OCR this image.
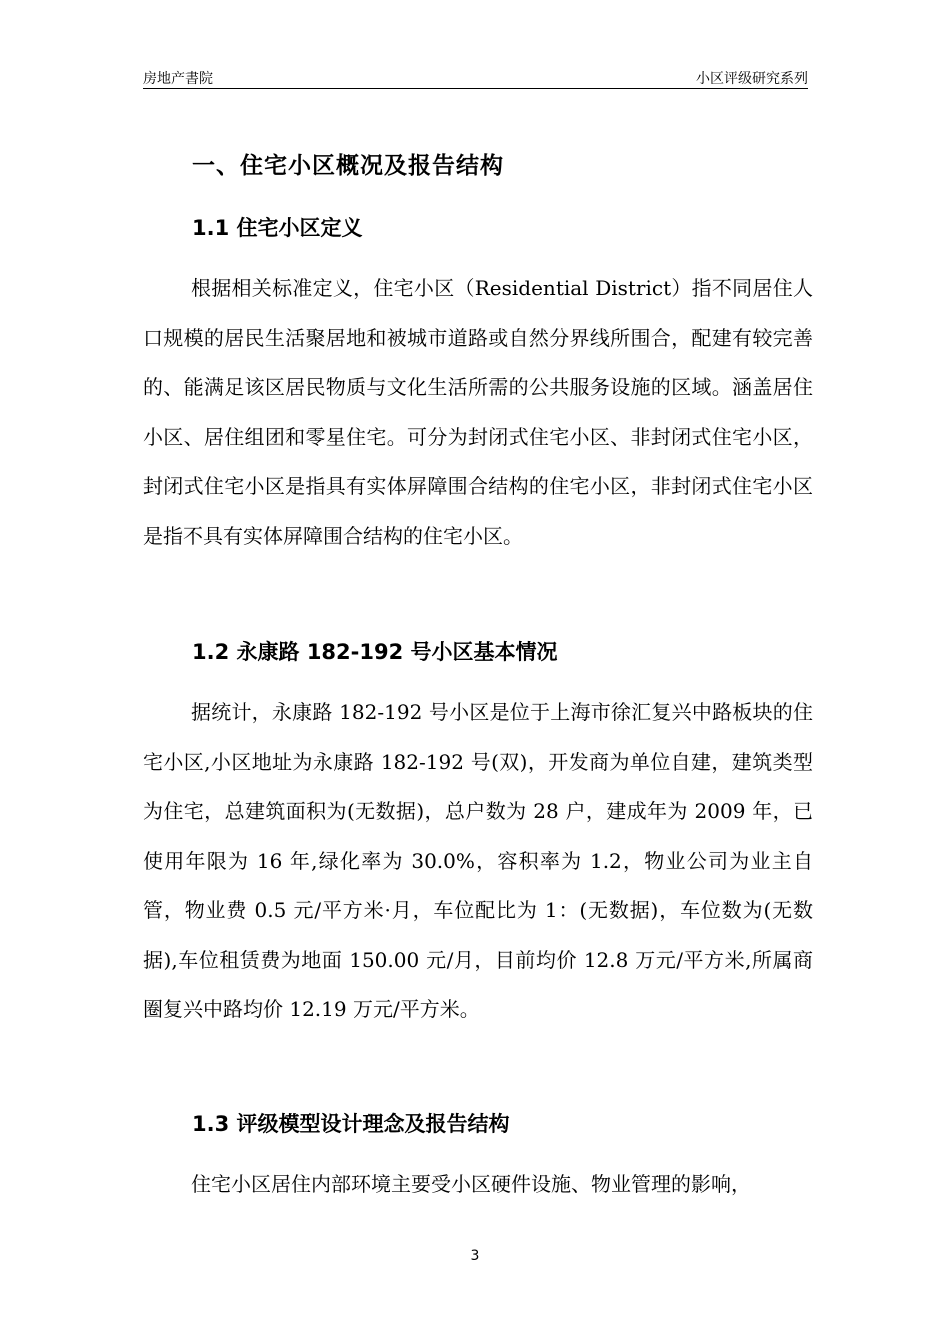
房地产書院	小区评级研究系列
一、住宅小区概况及报告结构
1.1 住宅小区定义

根据相关标准定义，住宅小区（Residential District）指不同居住人口规模的居民生活聚居地和被城市道路或自然分界线所围合，配建有较完善的、能满足该区居民物质与文化生活所需的公共服务设施的区域。涵盖居住小区、居住组团和零星住宅。可分为封闭式住宅小区、非封闭式住宅小区，封闭式住宅小区是指具有实体屏障围合结构的住宅小区，非封闭式住宅小区是指不具有实体屏障围合结构的住宅小区。

1.2 永康路 182-192 号小区基本情况

据统计，永康路 182-192 号小区是位于上海市徐汇复兴中路板块的住宅小区,小区地址为永康路 182-192 号(双)，开发商为单位自建，建筑类型为住宅，总建筑面积为(无数据)，总户数为 28 户，建成年为 2009 年，已使用年限为 16 年,绿化率为 30.0%，容积率为 1.2，物业公司为业主自管，物业费 0.5 元/平方米·月，车位配比为 1：(无数据)，车位数为(无数据),车位租赁费为地面 150.00 元/月，目前均价 12.8 万元/平方米,所属商圈复兴中路均价 12.19 万元/平方米。

1.3 评级模型设计理念及报告结构

住宅小区居住内部环境主要受小区硬件设施、物业管理的影响，

3
